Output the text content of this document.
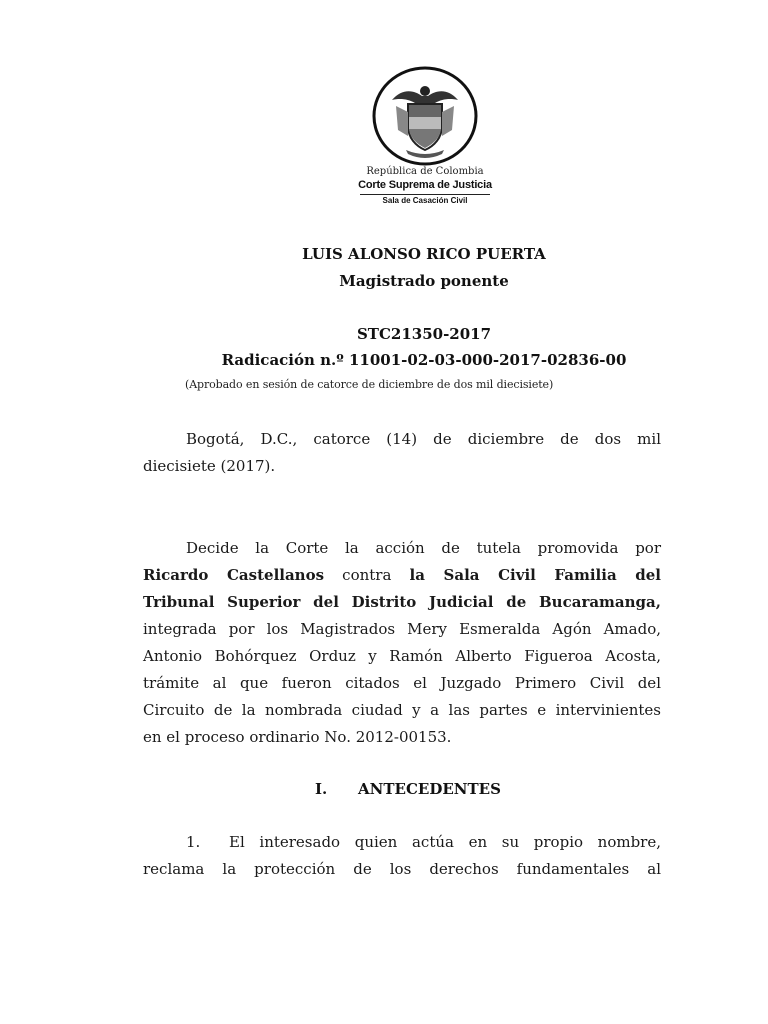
República de Colombia
Corte Suprema de Justicia
Sala de Casación Civil
LUIS ALONSO RICO PUERTA
Magistrado ponente
STC21350-2017
Radicación n.º 11001-02-03-000-2017-02836-00
(Aprobado en sesión de catorce de diciembre de dos mil diecisiete)
Bogotá, D.C., catorce (14) de diciembre de dos mil
diecisiete (2017).
Decide la Corte la acción de tutela promovida por
Ricardo Castellanos contra la Sala Civil Familia del
Tribunal Superior del Distrito Judicial de Bucaramanga,
integrada por los Magistrados Mery Esmeralda Agón Amado,
Antonio Bohórquez Orduz y Ramón Alberto Figueroa Acosta,
trámite al que fueron citados el Juzgado Primero Civil del
Circuito de la nombrada ciudad y a las partes e intervinientes
en el proceso ordinario No. 2012-00153.
I. ANTECEDENTES
1. El interesado quien actúa en su propio nombre,
reclama la protección de los derechos fundamentales al
